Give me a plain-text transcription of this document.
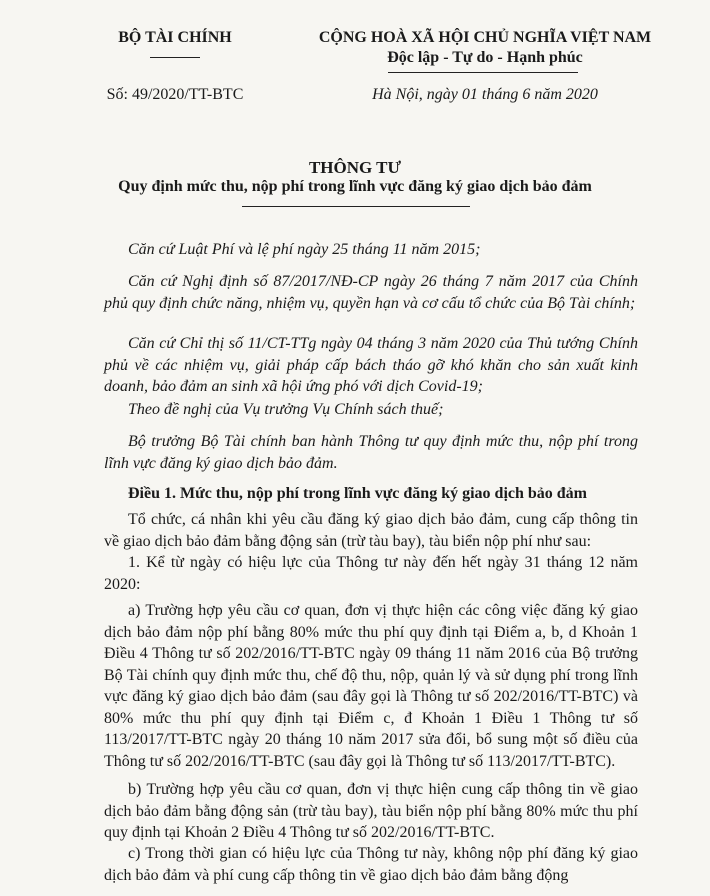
BỘ TÀI CHÍNH
Số: 49/2020/TT-BTC
CỘNG HOÀ XÃ HỘI CHỦ NGHĨA VIỆT NAM
Độc lập - Tự do - Hạnh phúc
Hà Nội, ngày 01 tháng 6 năm 2020
THÔNG TƯ
Quy định mức thu, nộp phí trong lĩnh vực đăng ký giao dịch bảo đảm
Căn cứ Luật Phí và lệ phí ngày 25 tháng 11 năm 2015;
Căn cứ Nghị định số 87/2017/NĐ-CP ngày 26 tháng 7 năm 2017 của Chính phủ quy định chức năng, nhiệm vụ, quyền hạn và cơ cấu tổ chức của Bộ Tài chính;
Căn cứ Chỉ thị số 11/CT-TTg ngày 04 tháng 3 năm 2020 của Thủ tướng Chính phủ về các nhiệm vụ, giải pháp cấp bách tháo gỡ khó khăn cho sản xuất kinh doanh, bảo đảm an sinh xã hội ứng phó với dịch Covid-19;
Theo đề nghị của Vụ trưởng Vụ Chính sách thuế;
Bộ trưởng Bộ Tài chính ban hành Thông tư quy định mức thu, nộp phí trong lĩnh vực đăng ký giao dịch bảo đảm.
Điều 1. Mức thu, nộp phí trong lĩnh vực đăng ký giao dịch bảo đảm
Tổ chức, cá nhân khi yêu cầu đăng ký giao dịch bảo đảm, cung cấp thông tin về giao dịch bảo đảm bằng động sản (trừ tàu bay), tàu biển nộp phí như sau:
1. Kể từ ngày có hiệu lực của Thông tư này đến hết ngày 31 tháng 12 năm 2020:
a) Trường hợp yêu cầu cơ quan, đơn vị thực hiện các công việc đăng ký giao dịch bảo đảm nộp phí bằng 80% mức thu phí quy định tại Điểm a, b, d Khoản 1 Điều 4 Thông tư số 202/2016/TT-BTC ngày 09 tháng 11 năm 2016 của Bộ trưởng Bộ Tài chính quy định mức thu, chế độ thu, nộp, quản lý và sử dụng phí trong lĩnh vực đăng ký giao dịch bảo đảm (sau đây gọi là Thông tư số 202/2016/TT-BTC) và 80% mức thu phí quy định tại Điểm c, đ Khoản 1 Điều 1 Thông tư số 113/2017/TT-BTC ngày 20 tháng 10 năm 2017 sửa đổi, bổ sung một số điều của Thông tư số 202/2016/TT-BTC (sau đây gọi là Thông tư số 113/2017/TT-BTC).
b) Trường hợp yêu cầu cơ quan, đơn vị thực hiện cung cấp thông tin về giao dịch bảo đảm bằng động sản (trừ tàu bay), tàu biển nộp phí bằng 80% mức thu phí quy định tại Khoản 2 Điều 4 Thông tư số 202/2016/TT-BTC.
c) Trong thời gian có hiệu lực của Thông tư này, không nộp phí đăng ký giao dịch bảo đảm và phí cung cấp thông tin về giao dịch bảo đảm bằng động
